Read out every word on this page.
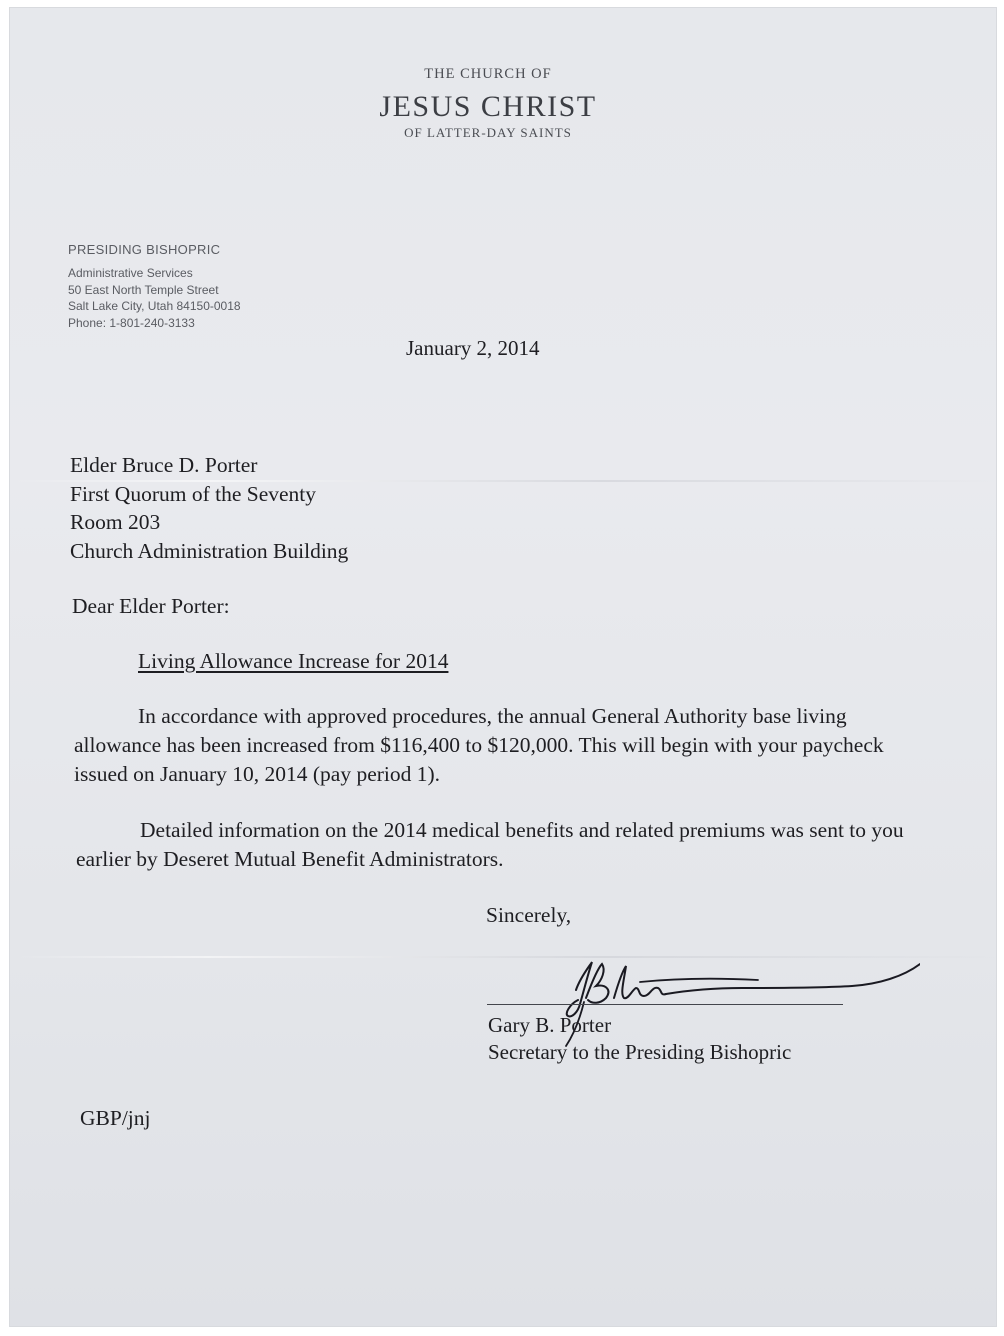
THE CHURCH OF
JESUS CHRIST
OF LATTER-DAY SAINTS
PRESIDING BISHOPRIC
Administrative Services
50 East North Temple Street
Salt Lake City, Utah 84150-0018
Phone: 1-801-240-3133
January 2, 2014
Elder Bruce D. Porter
First Quorum of the Seventy
Room 203
Church Administration Building
Dear Elder Porter:
Living Allowance Increase for 2014
In accordance with approved procedures, the annual General Authority base living allowance has been increased from $116,400 to $120,000. This will begin with your paycheck issued on January 10, 2014 (pay period 1).
Detailed information on the 2014 medical benefits and related premiums was sent to you earlier by Deseret Mutual Benefit Administrators.
Sincerely,
Gary B. Porter
Secretary to the Presiding Bishopric
GBP/jnj
